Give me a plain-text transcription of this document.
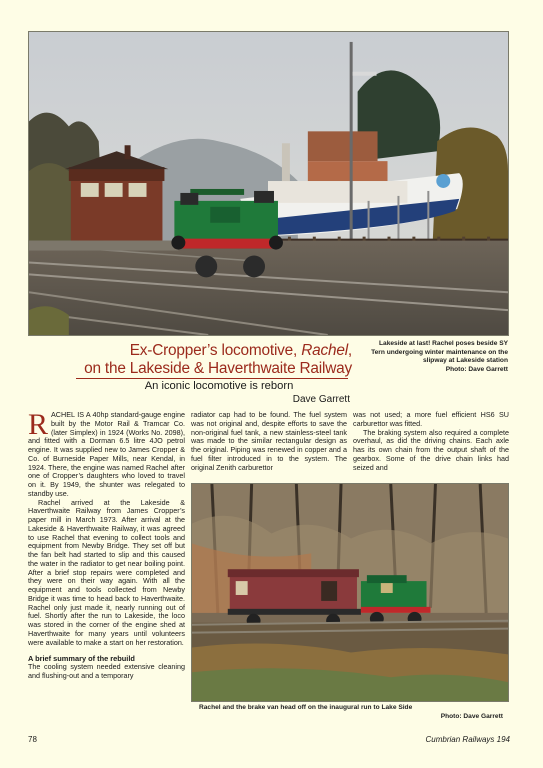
Ex-Cropper’s locomotive, Rachel,
on the Lakeside & Haverthwaite Railway
An iconic locomotive is reborn
Dave Garrett
Lakeside at last! Rachel poses beside SY Tern undergoing winter maintenance on the slipway at Lakeside station
Photo: Dave Garrett

RACHEL IS A 40hp standard-gauge engine built by the Motor Rail & Tramcar Co. (later Simplex) in 1924 (Works No. 2098), and fitted with a Dorman 6.5 litre 4JO petrol engine. It was supplied new to James Cropper & Co. of Burneside Paper Mills, near Kendal, in 1924. There, the engine was named Rachel after one of Cropper’s daughters who loved to travel on it. By 1949, the shunter was relegated to standby use.

Rachel arrived at the Lakeside & Haverthwaite Railway from James Cropper’s paper mill in March 1973. After arrival at the Lakeside & Haverthwaite Railway, it was agreed to use Rachel that evening to collect tools and equipment from Newby Bridge. They set off but the fan belt had started to slip and this caused the water in the radiator to get near boiling point. After a brief stop repairs were completed and they were on their way again. With all the equipment and tools collected from Newby Bridge it was time to head back to Haverthwaite. Rachel only just made it, nearly running out of fuel. Shortly after the run to Lakeside, the loco was stored in the corner of the engine shed at Haverthwaite for many years until volunteers were available to make a start on her restoration.

A brief summary of the rebuild

The cooling system needed extensive cleaning and flushing-out and a temporary

radiator cap had to be found. The fuel system was not original and, despite efforts to save the non-original fuel tank, a new stainless-steel tank was made to the similar rectangular design as the original. Piping was renewed in copper and a fuel filter introduced in to the system. The original Zenith carburettor

was not used; a more fuel efficient HS6 SU carburettor was fitted.

The braking system also required a complete overhaul, as did the driving chains. Each axle has its own chain from the output shaft of the gearbox. Some of the drive chain links had seized and

Rachel and the brake van head off on the inaugural run to Lake Side
Photo: Dave Garrett
78	Cumbrian Railways 194
